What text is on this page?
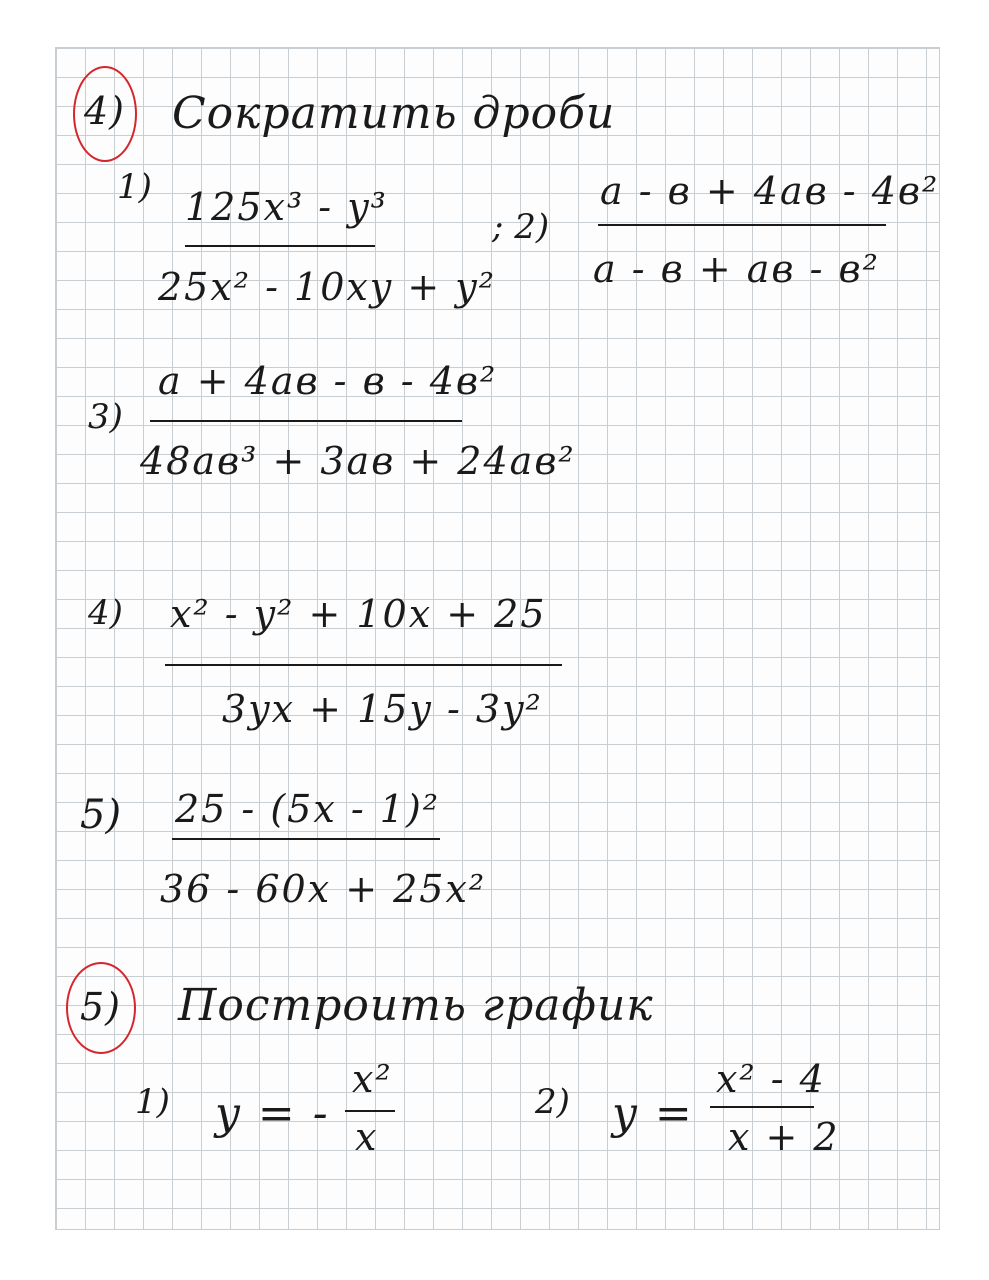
4) Сократить дроби
1) 125x³ - y³
25x² - 10xy + y²
; 2)
a - в + 4aв - 4в²
a - в + aв - в²
3)
a + 4aв - в - 4в²
48aв³ + 3aв + 24aв²
4) x² - y² + 10x + 25
3yx + 15y - 3y²
5) 25 - (5x - 1)²
36 - 60x + 25x²
5) Построить график
1) y = -
x²
x
2) y =
x² - 4
x + 2
